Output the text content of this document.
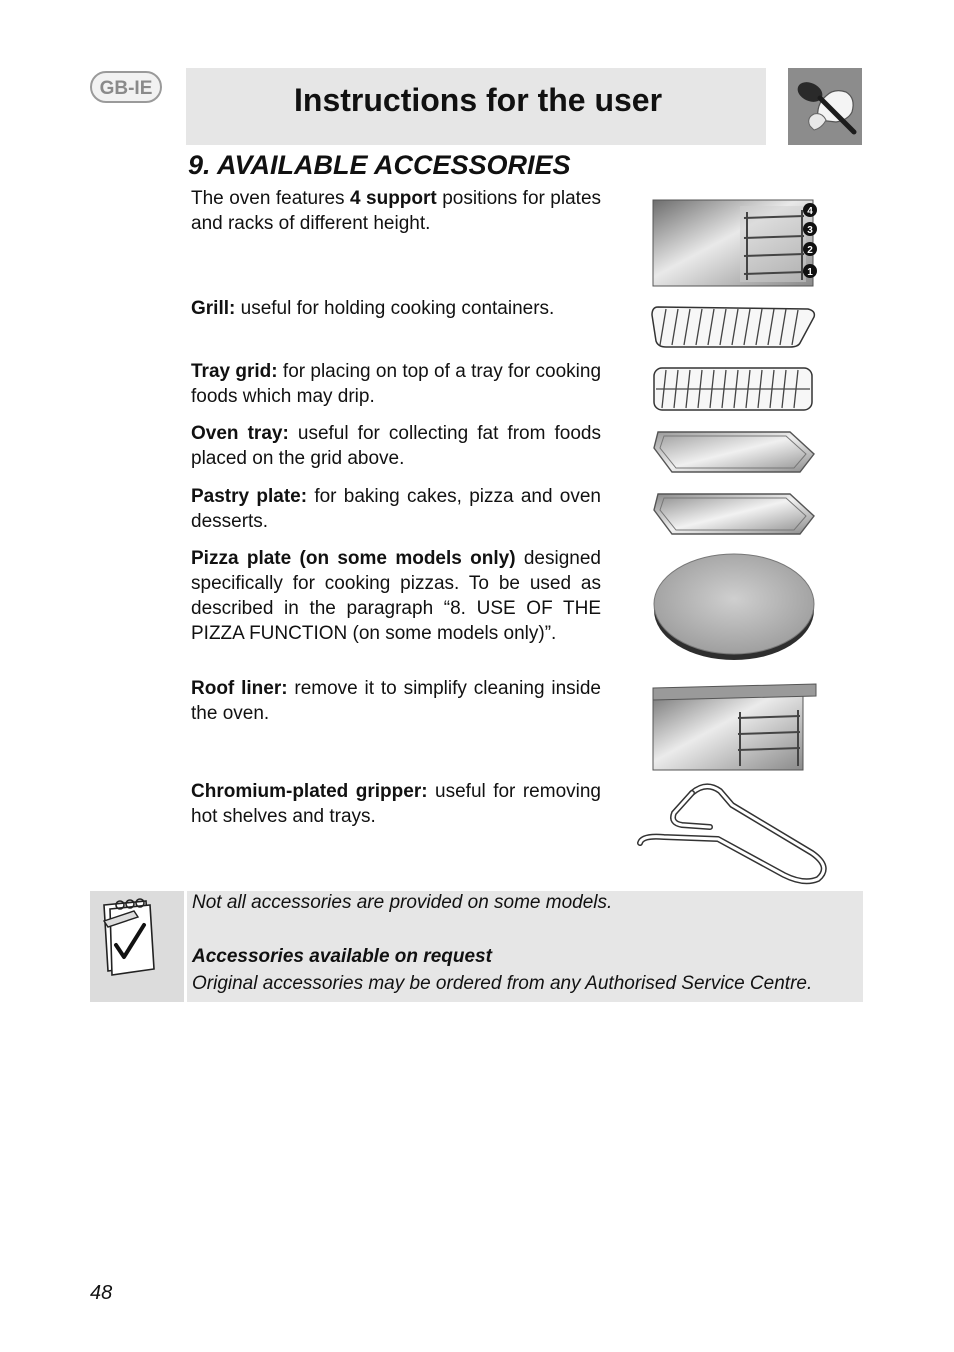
GB-IE	Instructions for the user
9. AVAILABLE ACCESSORIES

The oven features 4 support positions for plates and racks of different height.

Grill: useful for holding cooking containers.

Tray grid: for placing on top of a tray for cooking foods which may drip.

Oven tray: useful for collecting fat from foods placed on the grid above.

Pastry plate: for baking cakes, pizza and oven desserts.

Pizza plate (on some models only) designed specifically for cooking pizzas. To be used as described in the paragraph “8. USE OF THE PIZZA FUNCTION (on some models only)”.

Roof liner: remove it to simplify cleaning inside the oven.

Chromium-plated gripper: useful for removing hot shelves and trays.

4
3
2
1

Not all accessories are provided on some models.

Accessories available on request

Original accessories may be ordered from any Authorised Service Centre.

48
